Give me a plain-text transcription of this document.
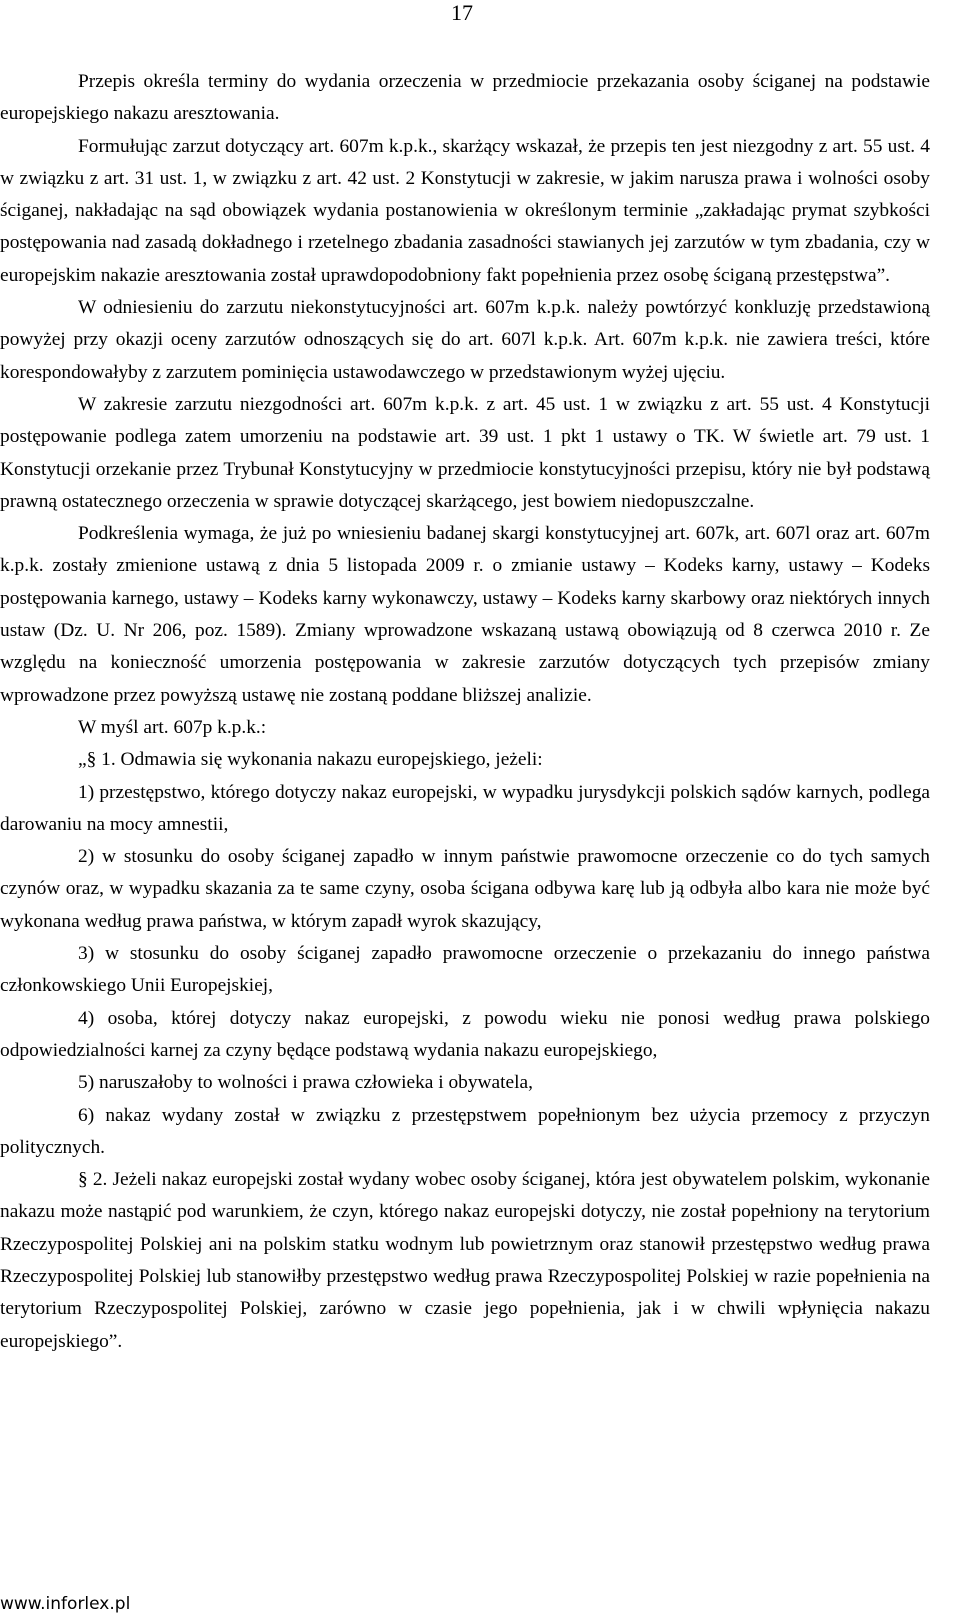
17

Przepis określa terminy do wydania orzeczenia w przedmiocie przekazania osoby ściganej na podstawie europejskiego nakazu aresztowania.

Formułując zarzut dotyczący art. 607m k.p.k., skarżący wskazał, że przepis ten jest niezgodny z art. 55 ust. 4 w związku z art. 31 ust. 1, w związku z art. 42 ust. 2 Konstytucji w zakresie, w jakim narusza prawa i wolności osoby ściganej, nakładając na sąd obowiązek wydania postanowienia w określonym terminie „zakładając prymat szybkości postępowania nad zasadą dokładnego i rzetelnego zbadania zasadności stawianych jej zarzutów w tym zbadania, czy w europejskim nakazie aresztowania został uprawdopodobniony fakt popełnienia przez osobę ściganą przestępstwa”.

W odniesieniu do zarzutu niekonstytucyjności art. 607m k.p.k. należy powtórzyć konkluzję przedstawioną powyżej przy okazji oceny zarzutów odnoszących się do art. 607l k.p.k. Art. 607m k.p.k. nie zawiera treści, które korespondowałyby z zarzutem pominięcia ustawodawczego w przedstawionym wyżej ujęciu.

W zakresie zarzutu niezgodności art. 607m k.p.k. z art. 45 ust. 1 w związku z art. 55 ust. 4 Konstytucji postępowanie podlega zatem umorzeniu na podstawie art. 39 ust. 1 pkt 1 ustawy o TK. W świetle art. 79 ust. 1 Konstytucji orzekanie przez Trybunał Konstytucyjny w przedmiocie konstytucyjności przepisu, który nie był podstawą prawną ostatecznego orzeczenia w sprawie dotyczącej skarżącego, jest bowiem niedopuszczalne.

Podkreślenia wymaga, że już po wniesieniu badanej skargi konstytucyjnej art. 607k, art. 607l oraz art. 607m k.p.k. zostały zmienione ustawą z dnia 5 listopada 2009 r. o zmianie ustawy – Kodeks karny, ustawy – Kodeks postępowania karnego, ustawy – Kodeks karny wykonawczy, ustawy – Kodeks karny skarbowy oraz niektórych innych ustaw (Dz. U. Nr 206, poz. 1589). Zmiany wprowadzone wskazaną ustawą obowiązują od 8 czerwca 2010 r. Ze względu na konieczność umorzenia postępowania w zakresie zarzutów dotyczących tych przepisów zmiany wprowadzone przez powyższą ustawę nie zostaną poddane bliższej analizie.

W myśl art. 607p k.p.k.:

„§ 1. Odmawia się wykonania nakazu europejskiego, jeżeli:

1) przestępstwo, którego dotyczy nakaz europejski, w wypadku jurysdykcji polskich sądów karnych, podlega darowaniu na mocy amnestii,

2) w stosunku do osoby ściganej zapadło w innym państwie prawomocne orzeczenie co do tych samych czynów oraz, w wypadku skazania za te same czyny, osoba ścigana odbywa karę lub ją odbyła albo kara nie może być wykonana według prawa państwa, w którym zapadł wyrok skazujący,

3) w stosunku do osoby ściganej zapadło prawomocne orzeczenie o przekazaniu do innego państwa członkowskiego Unii Europejskiej,

4) osoba, której dotyczy nakaz europejski, z powodu wieku nie ponosi według prawa polskiego odpowiedzialności karnej za czyny będące podstawą wydania nakazu europejskiego,

5) naruszałoby to wolności i prawa człowieka i obywatela,

6) nakaz wydany został w związku z przestępstwem popełnionym bez użycia przemocy z przyczyn politycznych.

§ 2. Jeżeli nakaz europejski został wydany wobec osoby ściganej, która jest obywatelem polskim, wykonanie nakazu może nastąpić pod warunkiem, że czyn, którego nakaz europejski dotyczy, nie został popełniony na terytorium Rzeczypospolitej Polskiej ani na polskim statku wodnym lub powietrznym oraz stanowił przestępstwo według prawa Rzeczypospolitej Polskiej lub stanowiłby przestępstwo według prawa Rzeczypospolitej Polskiej w razie popełnienia na terytorium Rzeczypospolitej Polskiej, zarówno w czasie jego popełnienia, jak i w chwili wpłynięcia nakazu europejskiego”.

www.inforlex.pl
